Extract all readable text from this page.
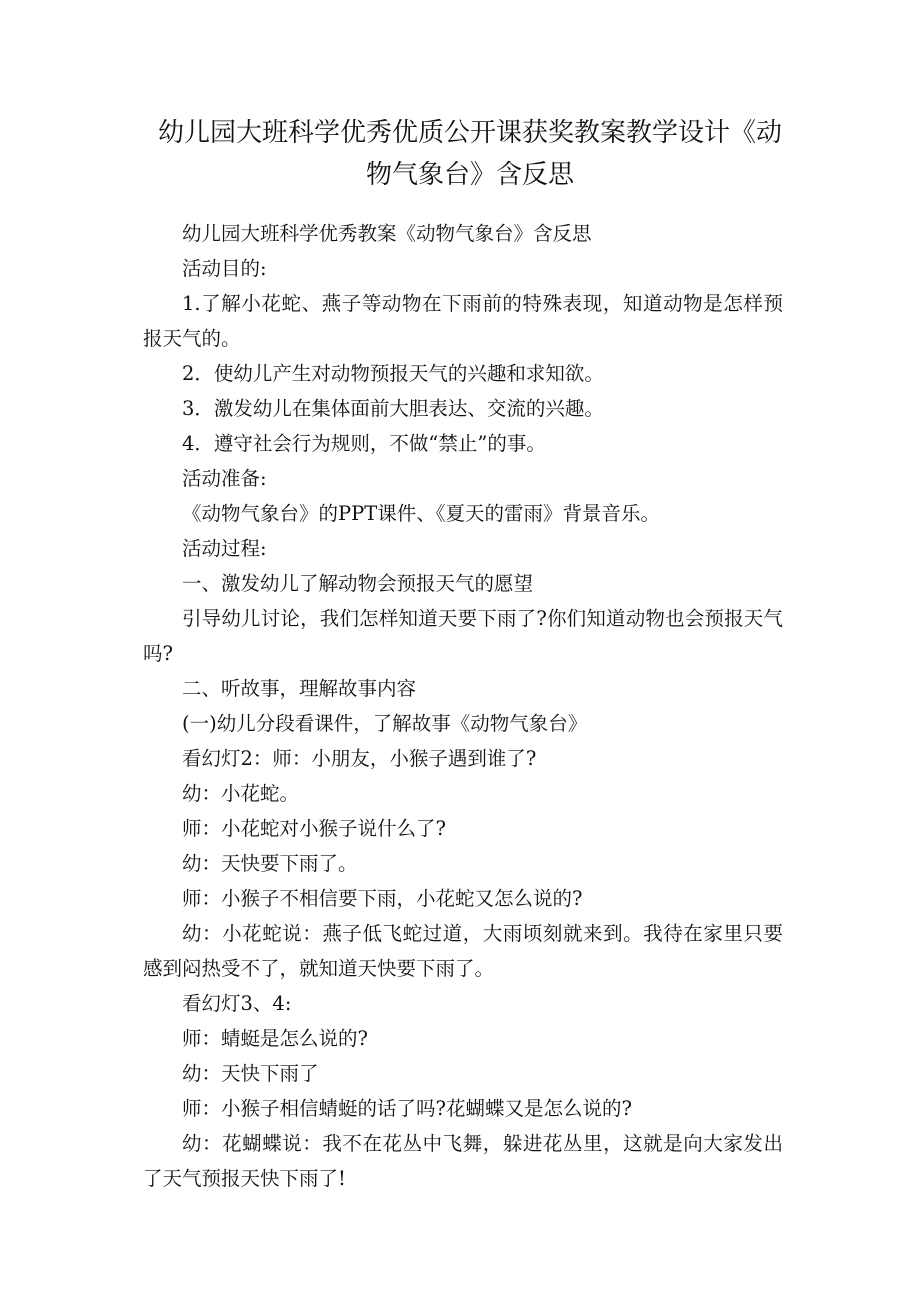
幼儿园大班科学优秀优质公开课获奖教案教学设计《动物气象台》含反思

幼儿园大班科学优秀教案《动物气象台》含反思

活动目的:

1.了解小花蛇、燕子等动物在下雨前的特殊表现，知道动物是怎样预报天气的。

2．使幼儿产生对动物预报天气的兴趣和求知欲。

3．激发幼儿在集体面前大胆表达、交流的兴趣。

4．遵守社会行为规则，不做“禁止”的事。

活动准备:

《动物气象台》的PPT课件、《夏天的雷雨》背景音乐。

活动过程:

一、激发幼儿了解动物会预报天气的愿望

引导幼儿讨论，我们怎样知道天要下雨了?你们知道动物也会预报天气吗?

二、听故事，理解故事内容

(一)幼儿分段看课件，了解故事《动物气象台》

看幻灯2：师：小朋友，小猴子遇到谁了?

幼：小花蛇。

师：小花蛇对小猴子说什么了?

幼：天快要下雨了。

师：小猴子不相信要下雨，小花蛇又怎么说的?

幼：小花蛇说：燕子低飞蛇过道，大雨顷刻就来到。我待在家里只要感到闷热受不了，就知道天快要下雨了。

看幻灯3、4:

师：蜻蜓是怎么说的?

幼：天快下雨了

师：小猴子相信蜻蜓的话了吗?花蝴蝶又是怎么说的?

幼：花蝴蝶说：我不在花丛中飞舞，躲进花丛里，这就是向大家发出了天气预报天快下雨了!
